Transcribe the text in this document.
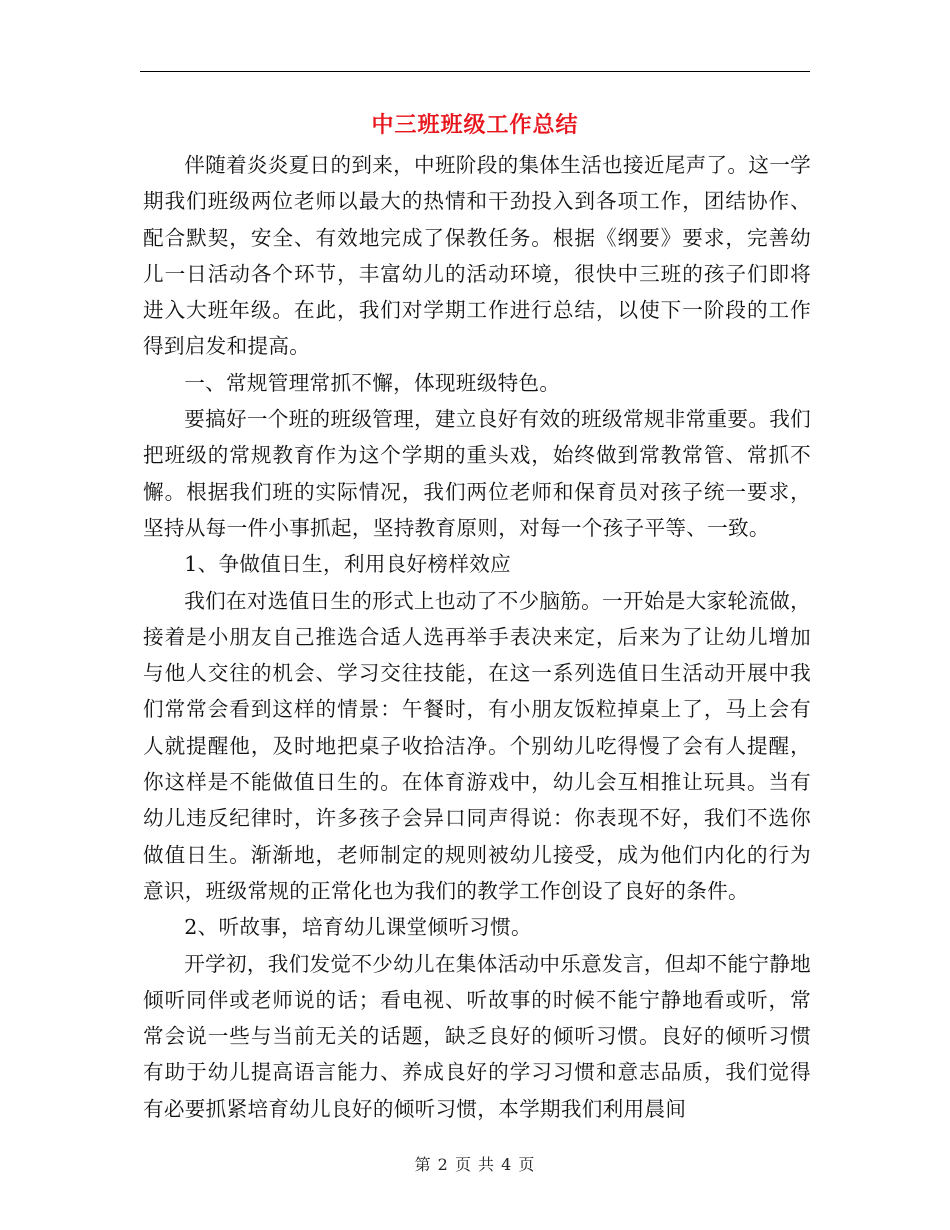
中三班班级工作总结

伴随着炎炎夏日的到来，中班阶段的集体生活也接近尾声了。这一学期我们班级两位老师以最大的热情和干劲投入到各项工作，团结协作、配合默契，安全、有效地完成了保教任务。根据《纲要》要求，完善幼儿一日活动各个环节，丰富幼儿的活动环境，很快中三班的孩子们即将进入大班年级。在此，我们对学期工作进行总结，以使下一阶段的工作得到启发和提高。

一、常规管理常抓不懈，体现班级特色。

要搞好一个班的班级管理，建立良好有效的班级常规非常重要。我们把班级的常规教育作为这个学期的重头戏，始终做到常教常管、常抓不懈。根据我们班的实际情况，我们两位老师和保育员对孩子统一要求，坚持从每一件小事抓起，坚持教育原则，对每一个孩子平等、一致。

1、争做值日生，利用良好榜样效应

我们在对选值日生的形式上也动了不少脑筋。一开始是大家轮流做，接着是小朋友自己推选合适人选再举手表决来定，后来为了让幼儿增加与他人交往的机会、学习交往技能，在这一系列选值日生活动开展中我们常常会看到这样的情景：午餐时，有小朋友饭粒掉桌上了，马上会有人就提醒他，及时地把桌子收拾洁净。个别幼儿吃得慢了会有人提醒，你这样是不能做值日生的。在体育游戏中，幼儿会互相推让玩具。当有幼儿违反纪律时，许多孩子会异口同声得说：你表现不好，我们不选你做值日生。渐渐地，老师制定的规则被幼儿接受，成为他们内化的行为意识，班级常规的正常化也为我们的教学工作创设了良好的条件。

2、听故事，培育幼儿课堂倾听习惯。

开学初，我们发觉不少幼儿在集体活动中乐意发言，但却不能宁静地倾听同伴或老师说的话；看电视、听故事的时候不能宁静地看或听，常常会说一些与当前无关的话题，缺乏良好的倾听习惯。良好的倾听习惯有助于幼儿提高语言能力、养成良好的学习习惯和意志品质，我们觉得有必要抓紧培育幼儿良好的倾听习惯，本学期我们利用晨间

第 2 页 共 4 页
